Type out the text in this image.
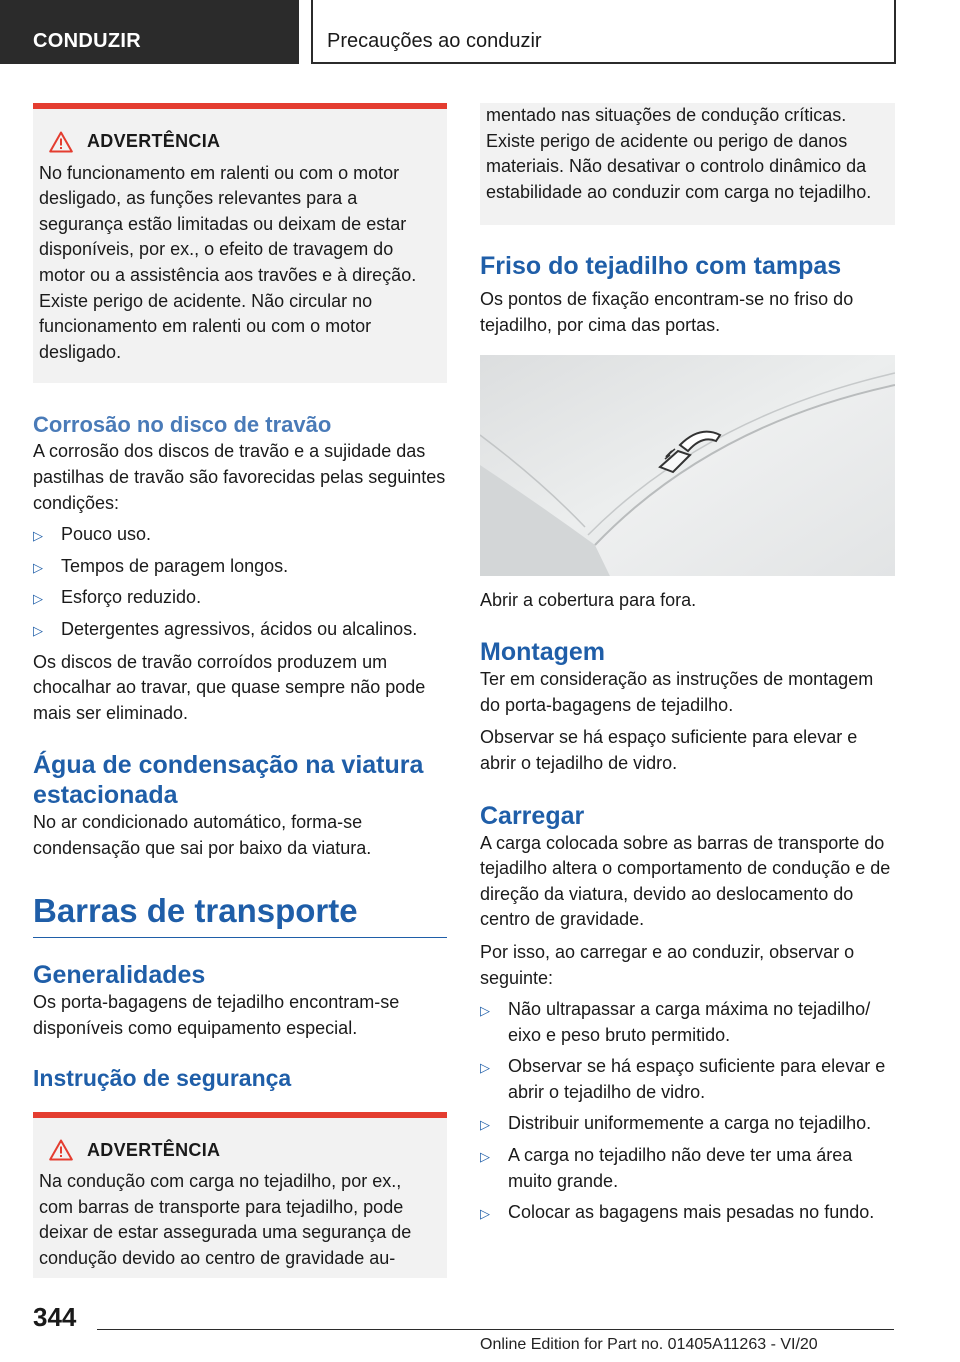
CONDUZIR	Precauções ao conduzir
ADVERTÊNCIA

No funcionamento em ralenti ou com o motor desligado, as funções relevantes para a segurança estão limitadas ou deixam de estar disponíveis, por ex., o efeito de travagem do motor ou a assistência aos travões e à direção. Existe perigo de acidente. Não circular no funcionamento em ralenti ou com o motor desligado.

Corrosão no disco de travão

A corrosão dos discos de travão e a sujidade das pastilhas de travão são favorecidas pelas seguintes condições:

▷ Pouco uso.
▷ Tempos de paragem longos.
▷ Esforço reduzido.
▷ Detergentes agressivos, ácidos ou alcalinos.

Os discos de travão corroídos produzem um chocalhar ao travar, que quase sempre não pode mais ser eliminado.

Água de condensação na viatura estacionada

No ar condicionado automático, forma-se condensação que sai por baixo da viatura.

Barras de transporte
Generalidades

Os porta-bagagens de tejadilho encontram-se disponíveis como equipamento especial.

Instrução de segurança
ADVERTÊNCIA

Na condução com carga no tejadilho, por ex., com barras de transporte para tejadilho, pode deixar de estar assegurada uma segurança de condução devido ao centro de gravidade au-

mentado nas situações de condução críticas. Existe perigo de acidente ou perigo de danos materiais. Não desativar o controlo dinâmico da estabilidade ao conduzir com carga no tejadilho.

Friso do tejadilho com tampas

Os pontos de fixação encontram-se no friso do tejadilho, por cima das portas.

Abrir a cobertura para fora.

Montagem

Ter em consideração as instruções de montagem do porta-bagagens de tejadilho.

Observar se há espaço suficiente para elevar e abrir o tejadilho de vidro.

Carregar

A carga colocada sobre as barras de transporte do tejadilho altera o comportamento de condução e de direção da viatura, devido ao deslocamento do centro de gravidade.

Por isso, ao carregar e ao conduzir, observar o seguinte:

▷ Não ultrapassar a carga máxima no tejadilho/ eixo e peso bruto permitido.
▷ Observar se há espaço suficiente para elevar e abrir o tejadilho de vidro.
▷ Distribuir uniformemente a carga no tejadilho.
▷ A carga no tejadilho não deve ter uma área muito grande.
▷ Colocar as bagagens mais pesadas no fundo.
344
Online Edition for Part no. 01405A11263 - VI/20
